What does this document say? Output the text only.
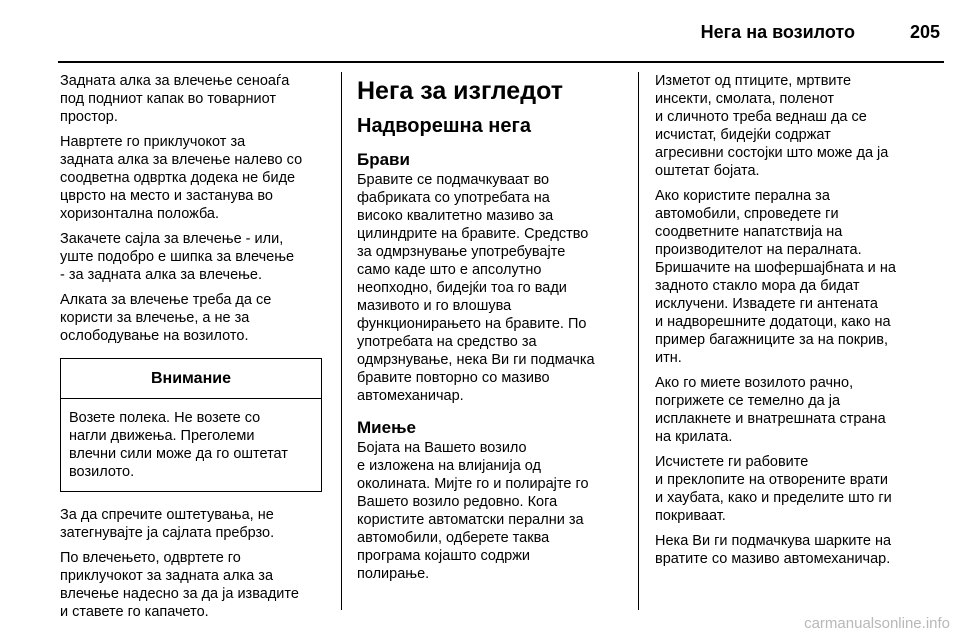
Нега на возилото	205

Задната алка за влечење сеноаѓа
под подниот капак во товарниот
простор.

Навртете го приклучокот за
задната алка за влечење налево со
соодветна одвртка додека не биде
цврсто на место и застанува во
хоризонтална положба.

Закачете сајла за влечење - или,
уште подобро е шипка за влечење
- за задната алка за влечење.

Алката за влечење треба да се
користи за влечење, а не за
ослободување на возилото.

Внимание

Возете полека. Не возете со
нагли движења. Преголеми
влечни сили може да го оштетат
возилото.

За да спречите оштетувања, не
затегнувајте ја сајлата пребрзо.

По влечењето, одвртете го
приклучокот за задната алка за
влечење надесно за да ја извадите
и ставете го капачето.

Нега за изгледот
Надворешна нега
Брави

Бравите се подмачкуваат во
фабриката со употребата на
високо квалитетно мазиво за
цилиндрите на бравите. Средство
за одмрзнување употребувајте
само каде што е апсолутно
неопходно, бидејќи тоа го вади
мазивото и го влошува
функционирањето на бравите. По
употребата на средство за
одмрзнување, нека Ви ги подмачка
бравите повторно со мазиво
автомеханичар.

Миење

Бојата на Вашето возило
е изложена на влијанија од
околината. Мијте го и полирајте го
Вашето возило редовно. Кога
користите автоматски перални за
автомобили, одберете таква
програма којашто содржи
полирање.

Изметот од птиците, мртвите
инсекти, смолата, поленот
и сличното треба веднаш да се
исчистат, бидејќи содржат
агресивни состојки што може да ја
оштетат бојата.

Ако користите перална за
автомобили, спроведете ги
соодветните напатствија на
производителот на пералната.
Бришачите на шофершајбната и на
задното стакло мора да бидат
исклучени. Извадете ги антената
и надворешните додатоци, како на
пример багажниците за на покрив,
итн.

Ако го миете возилото рачно,
погрижете се темелно да ја
исплакнете и внатрешната страна
на крилата.

Исчистете ги рабовите
и преклопите на отворените врати
и хаубата, како и пределите што ги
покриваат.

Нека Ви ги подмачкува шарките на
вратите со мазиво автомеханичар.

carmanualsonline.info
